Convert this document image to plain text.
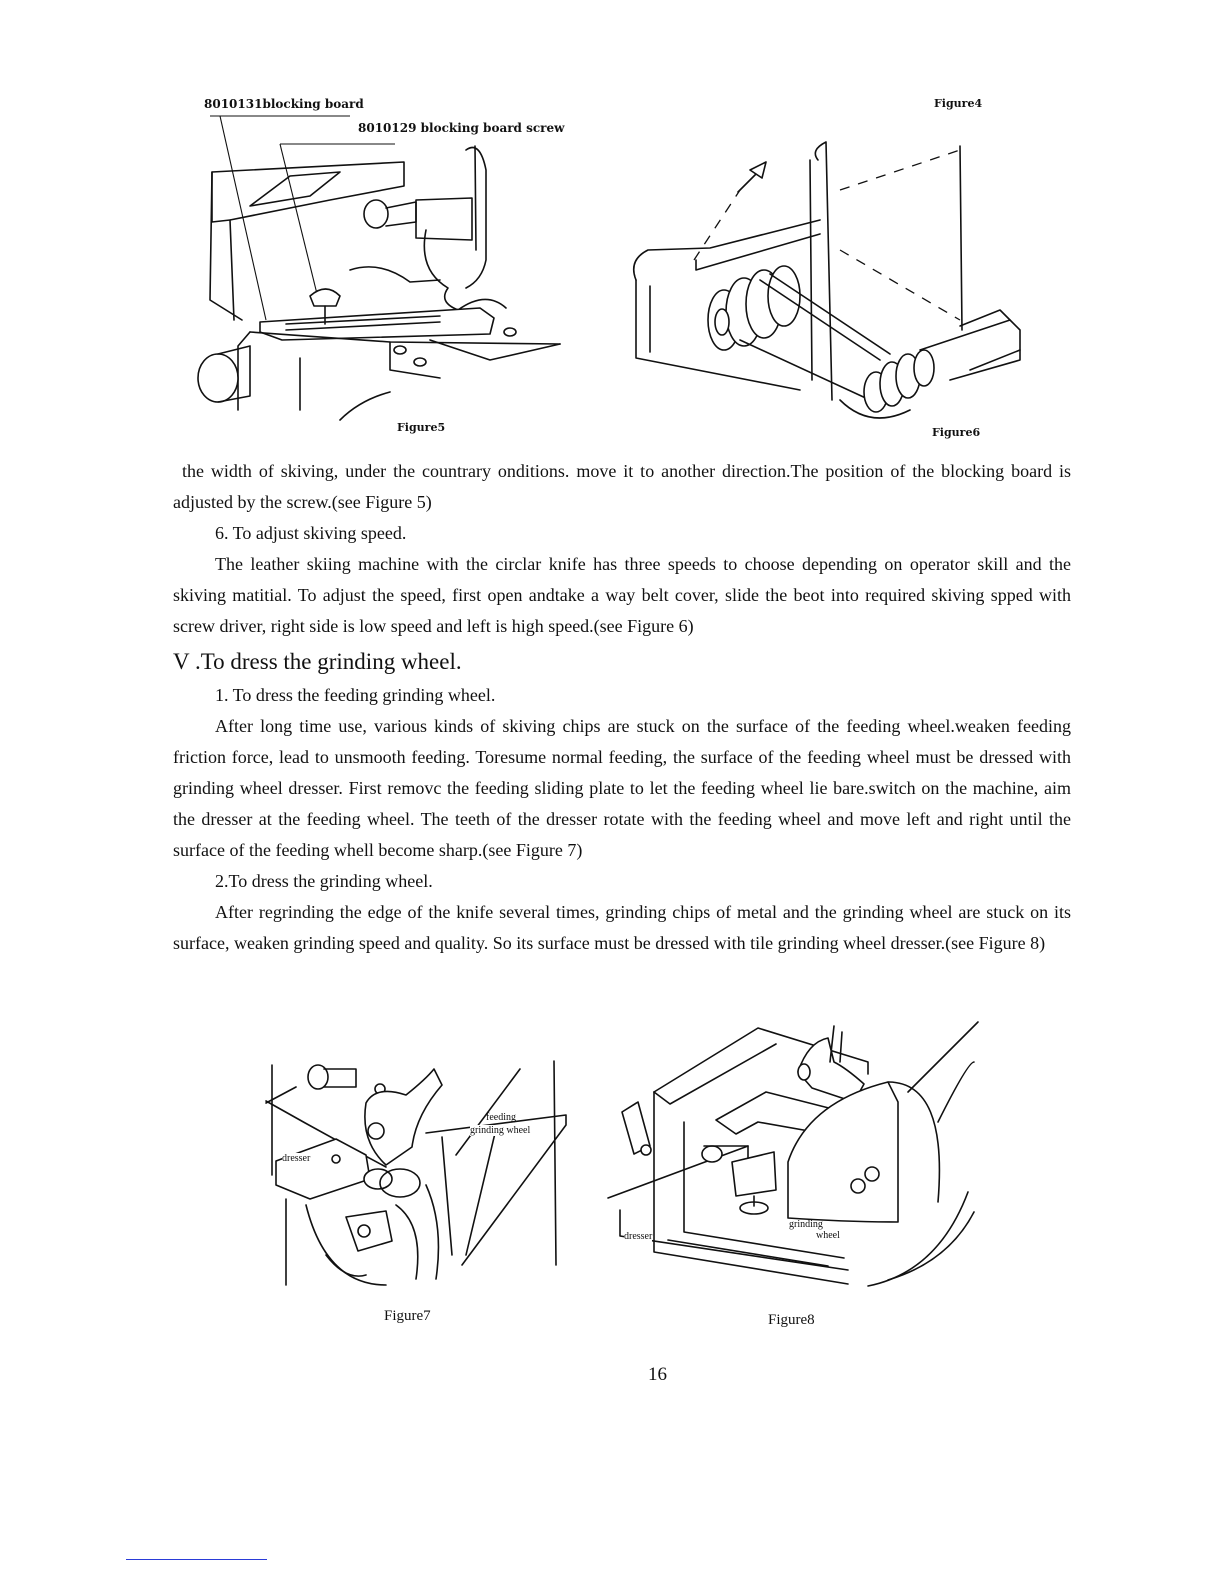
8010131blocking board
8010129 blocking board screw
Figure4
Figure5	Figure6

the width of skiving, under the countrary onditions. move it to another direction.The position of the blocking board is adjusted by the screw.(see Figure 5)

6. To adjust skiving speed.

The leather skiing machine with the circlar knife has three speeds to choose depending on operator skill and the skiving matitial. To adjust the speed, first open andtake a way belt cover, slide the beot into required skiving spped with screw driver, right side is low speed and left is high speed.(see Figure 6)

V .To dress the grinding wheel.

1. To dress the feeding grinding wheel.

After long time use, various kinds of skiving chips are stuck on the surface of the feeding wheel.weaken feeding friction force, lead to unsmooth feeding. Toresume normal feeding, the surface of the feeding wheel must be dressed with grinding wheel dresser. First removc the feeding sliding plate to let the feeding wheel lie bare.switch on the machine, aim the dresser at the feeding wheel. The teeth of the dresser rotate with the feeding wheel and move left and right until the surface of the feeding whell become sharp.(see Figure 7)

2.To dress the grinding wheel.

After regrinding the edge of the knife several times, grinding chips of metal and the grinding wheel are stuck on its surface, weaken grinding speed and quality. So its surface must be dressed with tile grinding wheel dresser.(see Figure 8)

dresser
feeding
grinding wheel
dresser
grinding
wheel
Figure7	Figure8
16
